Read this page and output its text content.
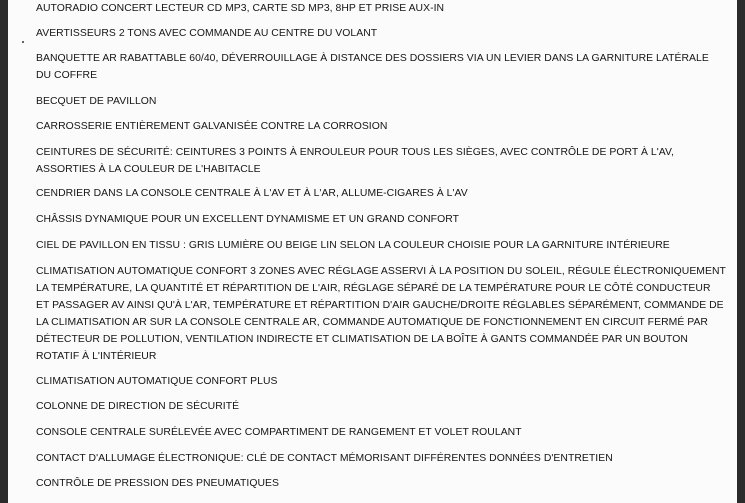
AUTORADIO CONCERT LECTEUR CD MP3, CARTE SD MP3, 8HP ET PRISE AUX-IN
AVERTISSEURS 2 TONS AVEC COMMANDE AU CENTRE DU VOLANT
BANQUETTE AR RABATTABLE 60/40, DÉVERROUILLAGE À DISTANCE DES DOSSIERS VIA UN LEVIER DANS LA GARNITURE LATÉRALE DU COFFRE
BECQUET DE PAVILLON
CARROSSERIE ENTIÈREMENT GALVANISÉE CONTRE LA CORROSION
CEINTURES DE SÉCURITÉ: CEINTURES 3 POINTS À ENROULEUR POUR TOUS LES SIÈGES, AVEC CONTRÔLE DE PORT À L'AV, ASSORTIES À LA COULEUR DE L'HABITACLE
CENDRIER DANS LA CONSOLE CENTRALE À L'AV ET À L'AR, ALLUME-CIGARES À L'AV
CHÂSSIS DYNAMIQUE POUR UN EXCELLENT DYNAMISME ET UN GRAND CONFORT
CIEL DE PAVILLON EN TISSU : GRIS LUMIÈRE OU BEIGE LIN SELON LA COULEUR CHOISIE POUR LA GARNITURE INTÉRIEURE
CLIMATISATION AUTOMATIQUE CONFORT 3 ZONES AVEC RÉGLAGE ASSERVI À LA POSITION DU SOLEIL, RÉGULE ÉLECTRONIQUEMENT LA TEMPÉRATURE, LA QUANTITÉ ET RÉPARTITION DE L'AIR, RÉGLAGE SÉPARÉ DE LA TEMPÉRATURE POUR LE CÔTÉ CONDUCTEUR ET PASSAGER AV AINSI QU'À L'AR, TEMPÉRATURE ET RÉPARTITION D'AIR GAUCHE/DROITE RÉGLABLES SÉPARÉMENT, COMMANDE DE LA CLIMATISATION AR SUR LA CONSOLE CENTRALE AR, COMMANDE AUTOMATIQUE DE FONCTIONNEMENT EN CIRCUIT FERMÉ PAR DÉTECTEUR DE POLLUTION, VENTILATION INDIRECTE ET CLIMATISATION DE LA BOÎTE À GANTS COMMANDÉE PAR UN BOUTON ROTATIF À L'INTÉRIEUR
CLIMATISATION AUTOMATIQUE CONFORT PLUS
COLONNE DE DIRECTION DE SÉCURITÉ
CONSOLE CENTRALE SURÉLEVÉE AVEC COMPARTIMENT DE RANGEMENT ET VOLET ROULANT
CONTACT D'ALLUMAGE ÉLECTRONIQUE: CLÉ DE CONTACT MÉMORISANT DIFFÉRENTES DONNÉES D'ENTRETIEN
CONTRÔLE DE PRESSION DES PNEUMATIQUES
